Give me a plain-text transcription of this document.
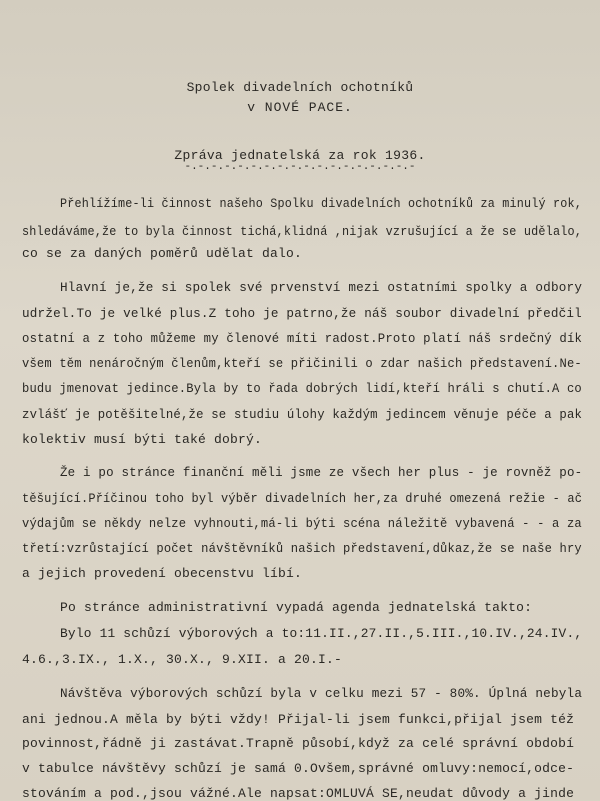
Spolek divadelních ochotníků
v NOVÉ PACE.
Zpráva jednatelská za rok 1936.
-.-.-.-.-.-.-.-.-.-.-.-.-.-.-.-.-.-
Přehlížíme-li činnost našeho Spolku divadelních ochotníků za minulý rok,
shledáváme,že to byla činnost tichá,klidná ,nijak vzrušující a že se udělalo,
co se za daných poměrů udělat dalo.
Hlavní je,že si spolek své prvenství mezi ostatními spolky a odbory
udržel.To je velké plus.Z toho je patrno,že náš soubor divadelní předčil
ostatní a z toho můžeme my členové míti radost.Proto platí náš srdečný dík
všem těm nenáročným členům,kteří se přičinili o zdar našich představení.Ne-
budu jmenovat jedince.Byla by to řada dobrých lidí,kteří hráli s chutí.A co
zvlášť je potěšitelné,že se studiu úlohy každým jedincem věnuje péče a pak
kolektiv musí býti také dobrý.
Že i po stránce finanční měli jsme ze všech her plus - je rovněž po-
těšující.Příčinou toho byl výběr divadelních her,za druhé omezená režie - ač
výdajům se někdy nelze vyhnouti,má-li býti scéna náležitě vybavená - - a za
třetí:vzrůstající počet návštěvníků našich představení,důkaz,že se naše hry
a jejich provedení obecenstvu líbí.
Po stránce administrativní vypadá agenda jednatelská takto:
Bylo 11 schůzí výborových a to:11.II.,27.II.,5.III.,10.IV.,24.IV.,
4.6.,3.IX., 1.X., 30.X., 9.XII. a 20.I.-
Návštěva výborových schůzí byla v celku mezi 57 - 80%. Úplná nebyla
ani jednou.A měla by býti vždy! Přijal-li jsem funkci,přijal jsem též
povinnost,řádně ji zastávat.Trapně působí,když za celé správní období
v tabulce návštěvy schůzí je samá 0.Ovšem,správné omluvy:nemocí,odce-
stováním a pod.,jsou vážné.Ale napsat:OMLUVÁ SE,neudat důvody a jinde
